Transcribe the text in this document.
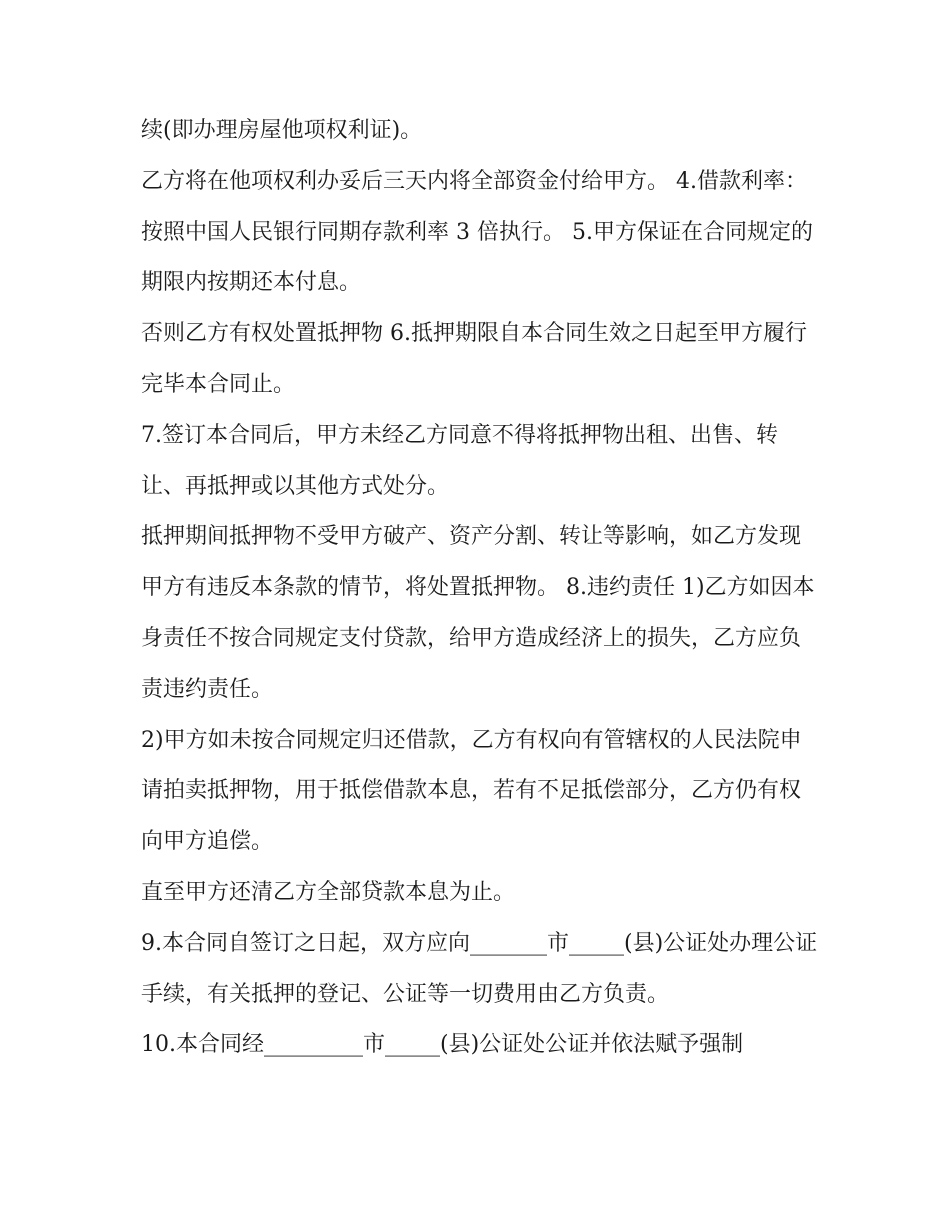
续(即办理房屋他项权利证)。

乙方将在他项权利办妥后三天内将全部资金付给甲方。 4.借款利率：按照中国人民银行同期存款利率 3 倍执行。 5.甲方保证在合同规定的期限内按期还本付息。

否则乙方有权处置抵押物 6.抵押期限自本合同生效之日起至甲方履行完毕本合同止。

7.签订本合同后，甲方未经乙方同意不得将抵押物出租、出售、转让、再抵押或以其他方式处分。

抵押期间抵押物不受甲方破产、资产分割、转让等影响，如乙方发现甲方有违反本条款的情节，将处置抵押物。 8.违约责任 1)乙方如因本身责任不按合同规定支付贷款，给甲方造成经济上的损失，乙方应负责违约责任。

2)甲方如未按合同规定归还借款，乙方有权向有管辖权的人民法院申请拍卖抵押物，用于抵偿借款本息，若有不足抵偿部分，乙方仍有权向甲方追偿。

直至甲方还清乙方全部贷款本息为止。

9.本合同自签订之日起，双方应向_______市_____(县)公证处办理公证手续，有关抵押的登记、公证等一切费用由乙方负责。

10.本合同经_________市_____(县)公证处公证并依法赋予强制
